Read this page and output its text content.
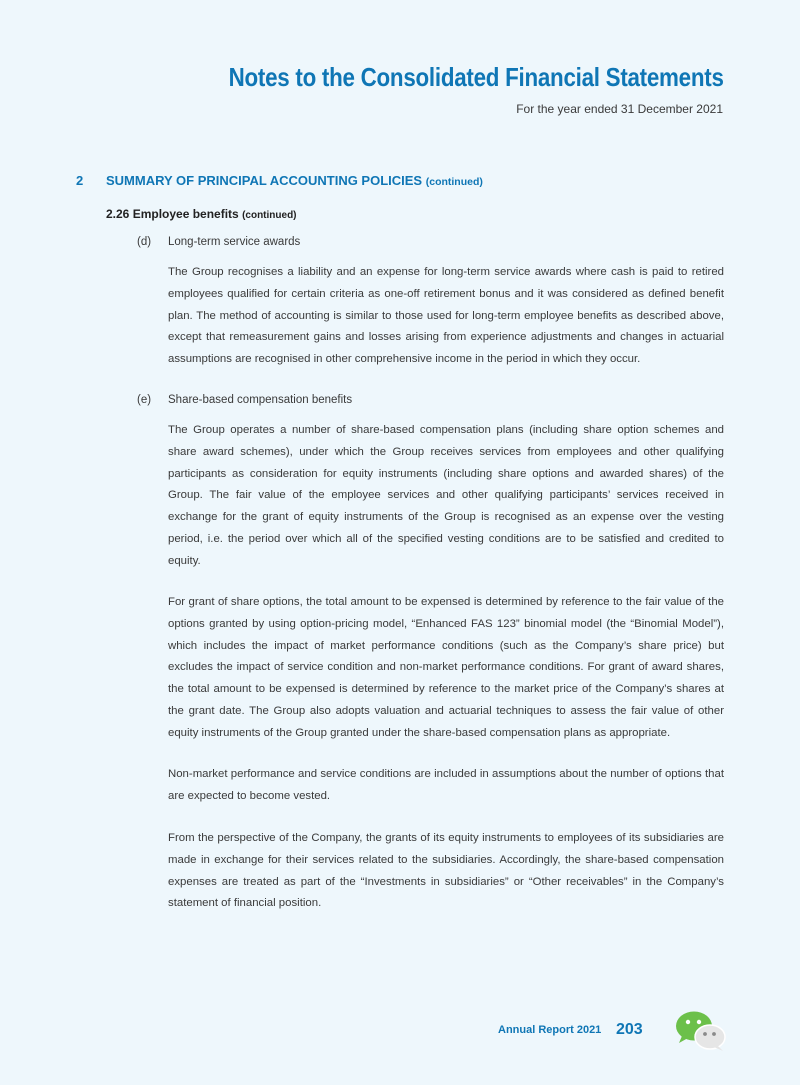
Notes to the Consolidated Financial Statements
For the year ended 31 December 2021
2 SUMMARY OF PRINCIPAL ACCOUNTING POLICIES (continued)
2.26 Employee benefits (continued)
(d) Long-term service awards

The Group recognises a liability and an expense for long-term service awards where cash is paid to retired employees qualified for certain criteria as one-off retirement bonus and it was considered as defined benefit plan. The method of accounting is similar to those used for long-term employee benefits as described above, except that remeasurement gains and losses arising from experience adjustments and changes in actuarial assumptions are recognised in other comprehensive income in the period in which they occur.

(e) Share-based compensation benefits

The Group operates a number of share-based compensation plans (including share option schemes and share award schemes), under which the Group receives services from employees and other qualifying participants as consideration for equity instruments (including share options and awarded shares) of the Group. The fair value of the employee services and other qualifying participants’ services received in exchange for the grant of equity instruments of the Group is recognised as an expense over the vesting period, i.e. the period over which all of the specified vesting conditions are to be satisfied and credited to equity.

For grant of share options, the total amount to be expensed is determined by reference to the fair value of the options granted by using option-pricing model, “Enhanced FAS 123” binomial model (the “Binomial Model”), which includes the impact of market performance conditions (such as the Company’s share price) but excludes the impact of service condition and non-market performance conditions. For grant of award shares, the total amount to be expensed is determined by reference to the market price of the Company’s shares at the grant date. The Group also adopts valuation and actuarial techniques to assess the fair value of other equity instruments of the Group granted under the share-based compensation plans as appropriate.

Non-market performance and service conditions are included in assumptions about the number of options that are expected to become vested.

From the perspective of the Company, the grants of its equity instruments to employees of its subsidiaries are made in exchange for their services related to the subsidiaries. Accordingly, the share-based compensation expenses are treated as part of the “Investments in subsidiaries” or “Other receivables” in the Company’s statement of financial position.

Annual Report 2021 203
